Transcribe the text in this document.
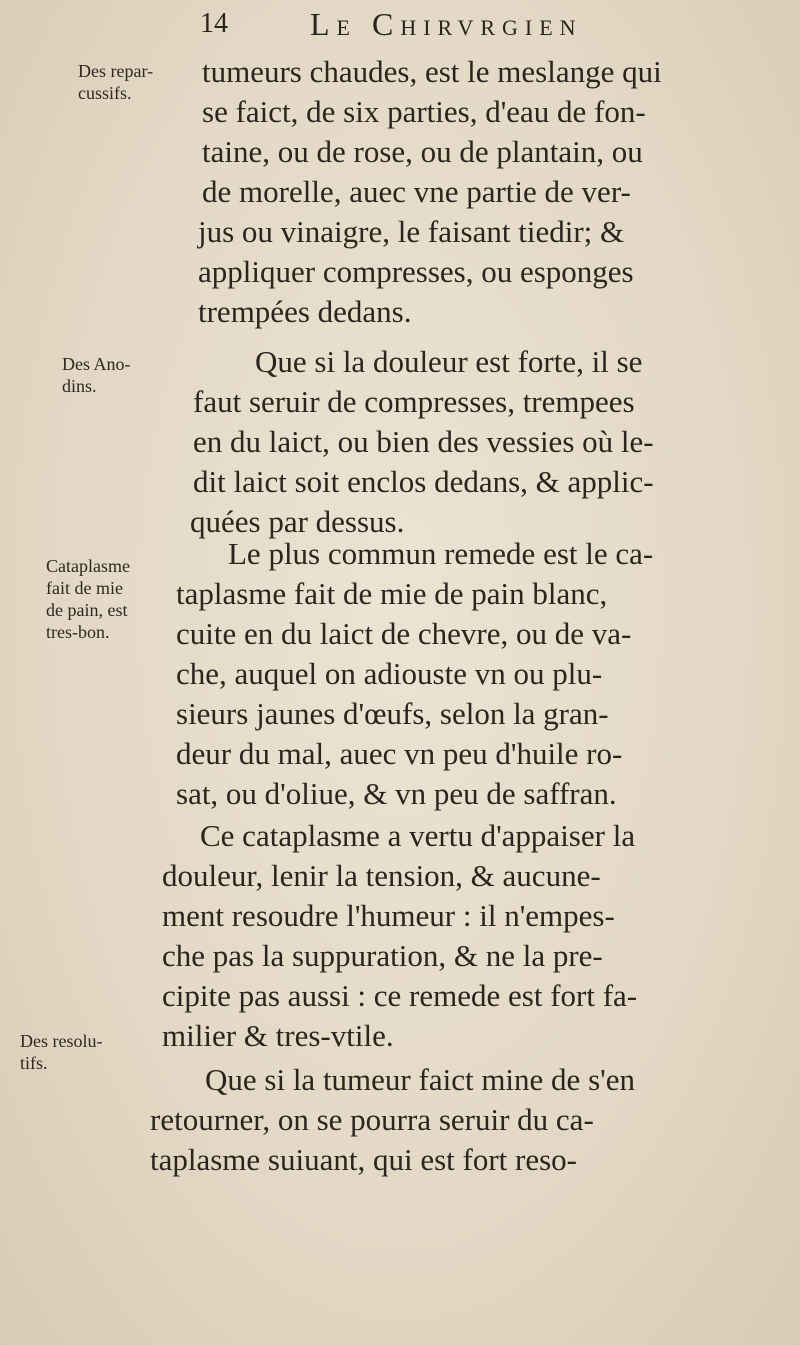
14	Le Chirvrgien
Des repar-
cussifs.
Des Ano-
dins.
Cataplasme
fait de mie
de pain, est
tres-bon.
Des resolu-
tifs.
tumeurs chaudes, est le meslange qui
se faict, de six parties, d'eau de fon-
taine, ou de rose, ou de plantain, ou
de morelle, auec vne partie de ver-
jus ou vinaigre, le faisant tiedir; &
appliquer compresses, ou esponges
trempées dedans.
Que si la douleur est forte, il se
faut seruir de compresses, trempees
en du laict, ou bien des vessies où le-
dit laict soit enclos dedans, & applic-
quées par dessus.
Le plus commun remede est le ca-
taplasme fait de mie de pain blanc,
cuite en du laict de chevre, ou de va-
che, auquel on adiouste vn ou plu-
sieurs jaunes d'œufs, selon la gran-
deur du mal, auec vn peu d'huile ro-
sat, ou d'oliue, & vn peu de saffran.
Ce cataplasme a vertu d'appaiser la
douleur, lenir la tension, & aucune-
ment resoudre l'humeur : il n'empes-
che pas la suppuration, & ne la pre-
cipite pas aussi : ce remede est fort fa-
milier & tres-vtile.
Que si la tumeur faict mine de s'en
retourner, on se pourra seruir du ca-
taplasme suiuant, qui est fort reso-
